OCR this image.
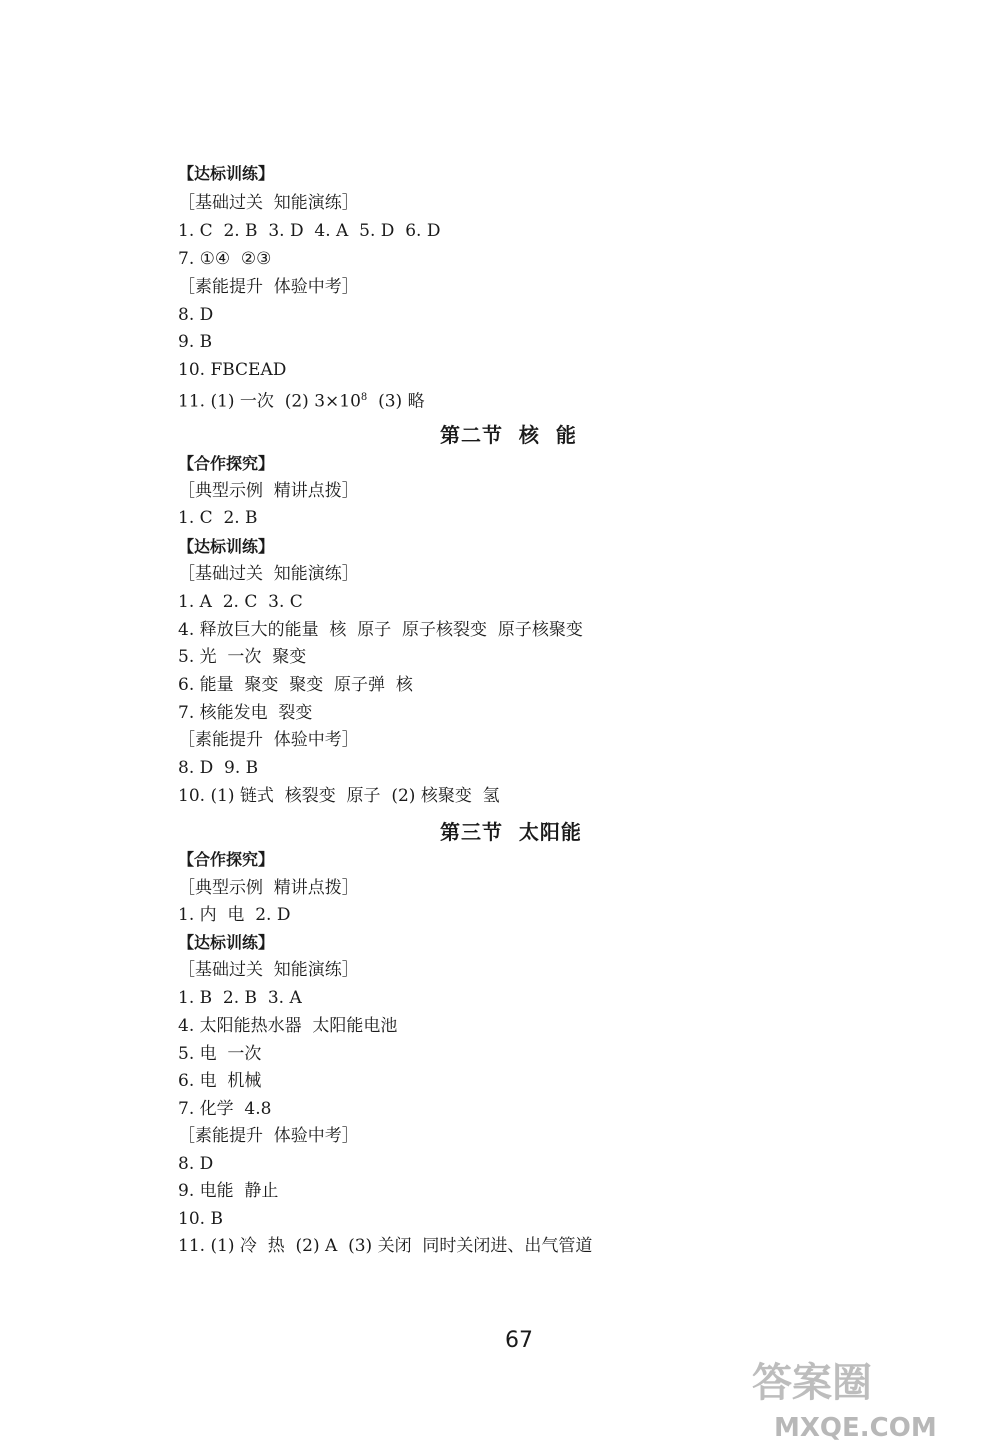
【达标训练】
［基础过关  知能演练］
1. C  2. B  3. D  4. A  5. D  6. D
7. ①④  ②③
［素能提升  体验中考］
8. D
9. B
10. FBCEAD
11. (1) 一次  (2) $3\times 10^8$  (3) 略
第二节  核  能
【合作探究】
［典型示例  精讲点拨］
1. C  2. B
【达标训练】
［基础过关  知能演练］
1. A  2. C  3. C
4. 释放巨大的能量  核  原子  原子核裂变  原子核聚变
5. 光  一次  聚变
6. 能量  聚变  聚变  原子弹  核
7. 核能发电  裂变
［素能提升  体验中考］
8. D  9. B
10. (1) 链式  核裂变  原子  (2) 核聚变  氢
第三节  太阳能
【合作探究】
［典型示例  精讲点拨］
1. 内  电  2. D
【达标训练】
［基础过关  知能演练］
1. B  2. B  3. A
4. 太阳能热水器  太阳能电池
5. 电  一次
6. 电  机械
7. 化学  4.8
［素能提升  体验中考］
8. D
9. 电能  静止
10. B
11. (1) 冷  热  (2) A  (3) 关闭  同时关闭进、出气管道
67
答案圈
MXQE.COM
